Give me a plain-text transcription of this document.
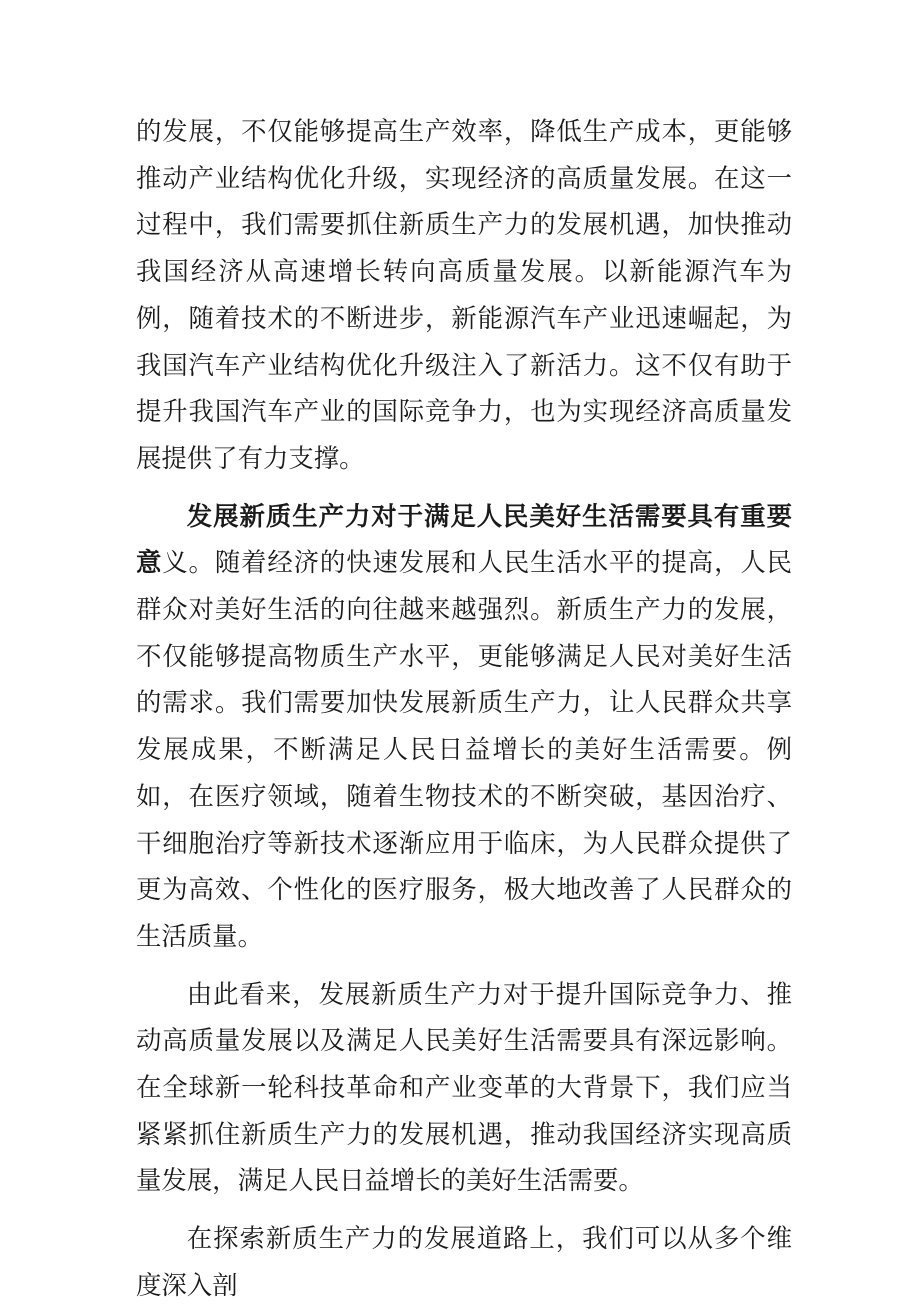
的发展，不仅能够提高生产效率，降低生产成本，更能够推动产业结构优化升级，实现经济的高质量发展。在这一过程中，我们需要抓住新质生产力的发展机遇，加快推动我国经济从高速增长转向高质量发展。以新能源汽车为例，随着技术的不断进步，新能源汽车产业迅速崛起，为我国汽车产业结构优化升级注入了新活力。这不仅有助于提升我国汽车产业的国际竞争力，也为实现经济高质量发展提供了有力支撑。

发展新质生产力对于满足人民美好生活需要具有重要意义。随着经济的快速发展和人民生活水平的提高，人民群众对美好生活的向往越来越强烈。新质生产力的发展，不仅能够提高物质生产水平，更能够满足人民对美好生活的需求。我们需要加快发展新质生产力，让人民群众共享发展成果，不断满足人民日益增长的美好生活需要。例如，在医疗领域，随着生物技术的不断突破，基因治疗、干细胞治疗等新技术逐渐应用于临床，为人民群众提供了更为高效、个性化的医疗服务，极大地改善了人民群众的生活质量。

由此看来，发展新质生产力对于提升国际竞争力、推动高质量发展以及满足人民美好生活需要具有深远影响。在全球新一轮科技革命和产业变革的大背景下，我们应当紧紧抓住新质生产力的发展机遇，推动我国经济实现高质量发展，满足人民日益增长的美好生活需要。

在探索新质生产力的发展道路上，我们可以从多个维度深入剖
